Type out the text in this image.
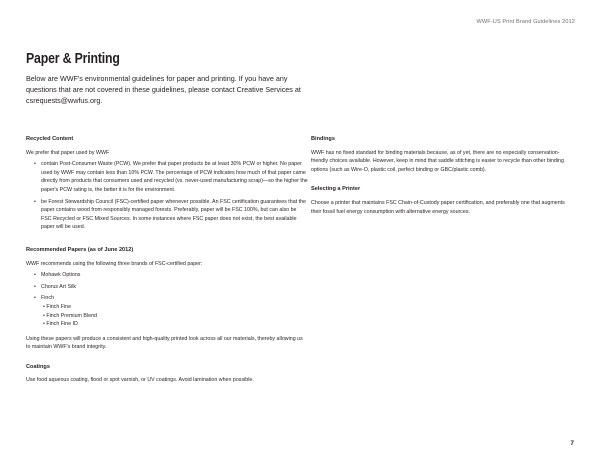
WWF-US Print Brand Guidelines 2012
Paper & Printing

Below are WWF's environmental guidelines for paper and printing. If you have any questions that are not covered in these guidelines, please contact Creative Services at csrequests@wwfus.org.

Recycled Content

We prefer that paper used by WWF

• contain Post-Consumer Waste (PCW). We prefer that paper products be at least 30% PCW or higher. No paper used by WWF may contain less than 10% PCW. The percentage of PCW indicates how much of that paper came directly from products that consumers used and recycled (vs. never-used manufacturing scrap)—so the higher the paper's PCW rating is, the better it is for the environment.
• be Forest Stewardship Council (FSC)-certified paper whenever possible. An FSC certification guarantees that the paper contains wood from responsibly managed forests. Preferably, paper will be FSC 100%, but can also be FSC Recycled or FSC Mixed Sources. In some instances where FSC paper does not exist, the best available paper will be used.

Recommended Papers (as of June 2012)

WWF recommends using the following three brands of FSC-certified paper:

• Mohawk Options
• Chorus Art Silk
• Finch
• Finch Fine
• Finch Premium Blend
• Finch Fine ID

Using these papers will produce a consistent and high-quality printed look across all our materials, thereby allowing us to maintain WWF's brand integrity.

Coatings

Use food aqueous coating, flood or spot varnish, or UV coatings. Avoid lamination when possible.

Bindings

WWF has no fixed standard for binding materials because, as of yet, there are no especially conservation-friendly choices available. However, keep in mind that saddle stitching is easier to recycle than other binding options (such as Wire-O, plastic coil, perfect binding or GBC/plastic comb).

Selecting a Printer

Choose a printer that maintains FSC Chain-of-Custody paper certification, and preferably one that augments their fossil fuel energy consumption with alternative energy sources.

7
